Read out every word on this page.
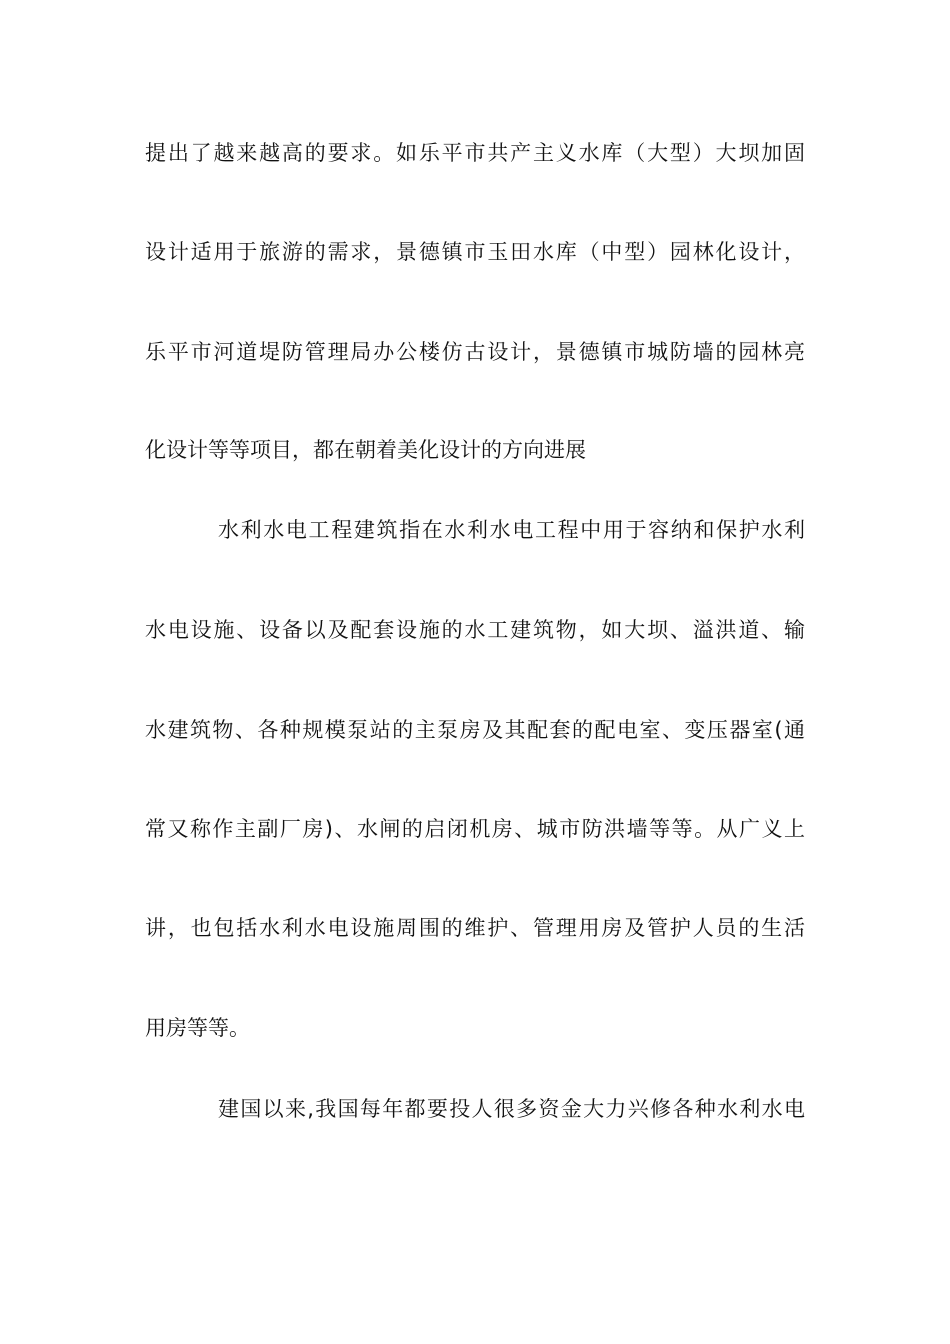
提出了越来越高的要求。如乐平市共产主义水库（大型）大坝加固
设计适用于旅游的需求，景德镇市玉田水库（中型）园林化设计，
乐平市河道堤防管理局办公楼仿古设计，景德镇市城防墙的园林亮
化设计等等项目，都在朝着美化设计的方向进展
水利水电工程建筑指在水利水电工程中用于容纳和保护水利
水电设施、设备以及配套设施的水工建筑物，如大坝、溢洪道、输
水建筑物、各种规模泵站的主泵房及其配套的配电室、变压器室(通
常又称作主副厂房)、水闸的启闭机房、城市防洪墙等等。从广义上
讲，也包括水利水电设施周围的维护、管理用房及管护人员的生活
用房等等。
建国以来,我国每年都要投人很多资金大力兴修各种水利水电
